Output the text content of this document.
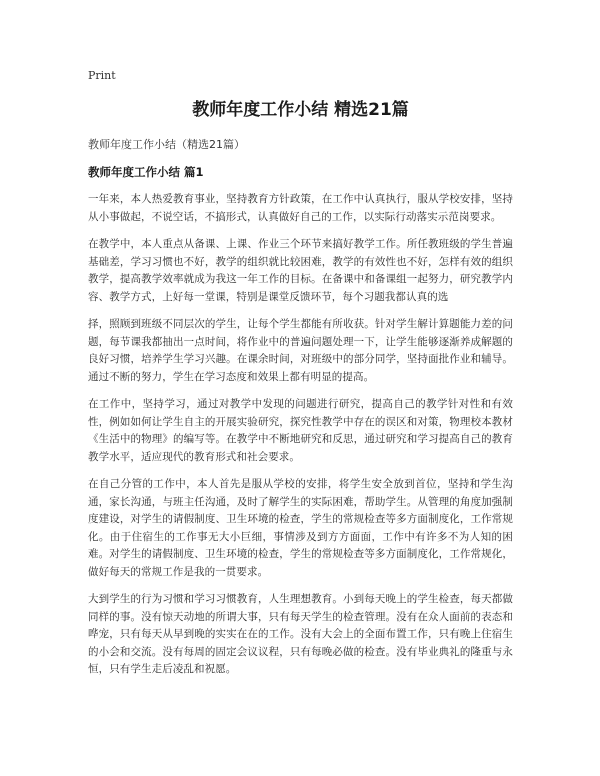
Print
教师年度工作小结 精选21篇
教师年度工作小结（精选21篇）
教师年度工作小结 篇1

一年来，本人热爱教育事业，坚持教育方针政策，在工作中认真执行，服从学校安排，坚持从小事做起，不说空话，不搞形式，认真做好自己的工作，以实际行动落实示范岗要求。

在教学中，本人重点从备课、上课、作业三个环节来搞好教学工作。所任教班级的学生普遍基础差，学习习惯也不好，教学的组织就比较困难，教学的有效性也不好，怎样有效的组织教学，提高教学效率就成为我这一年工作的目标。在备课中和备课组一起努力，研究教学内容、教学方式，上好每一堂课，特别是课堂反馈环节，每个习题我都认真的选

择，照顾到班级不同层次的学生，让每个学生都能有所收获。针对学生解计算题能力差的问题，每节课我都抽出一点时间，将作业中的普遍问题处理一下，让学生能够逐渐养成解题的良好习惯，培养学生学习兴趣。在课余时间，对班级中的部分同学，坚持面批作业和辅导。通过不断的努力，学生在学习态度和效果上都有明显的提高。

在工作中，坚持学习，通过对教学中发现的问题进行研究，提高自己的教学针对性和有效性，例如如何让学生自主的开展实验研究，探究性教学中存在的误区和对策，物理校本教材《生活中的物理》的编写等。在教学中不断地研究和反思，通过研究和学习提高自己的教育教学水平，适应现代的教育形式和社会要求。

在自己分管的工作中，本人首先是服从学校的安排，将学生安全放到首位，坚持和学生沟通，家长沟通，与班主任沟通，及时了解学生的实际困难，帮助学生。从管理的角度加强制度建设，对学生的请假制度、卫生环境的检查，学生的常规检查等多方面制度化，工作常规化。由于住宿生的工作事无大小巨细，事情涉及到方方面面，工作中有许多不为人知的困难。对学生的请假制度、卫生环境的检查，学生的常规检查等多方面制度化，工作常规化，做好每天的常规工作是我的一贯要求。

大到学生的行为习惯和学习习惯教育，人生理想教育。小到每天晚上的学生检查，每天都做同样的事。没有惊天动地的所谓大事，只有每天学生的检查管理。没有在众人面前的表态和哗宠，只有每天从早到晚的实实在在的工作。没有大会上的全面布置工作，只有晚上住宿生的小会和交流。没有每周的固定会议议程，只有每晚必做的检查。没有毕业典礼的隆重与永恒，只有学生走后凌乱和祝愿。
